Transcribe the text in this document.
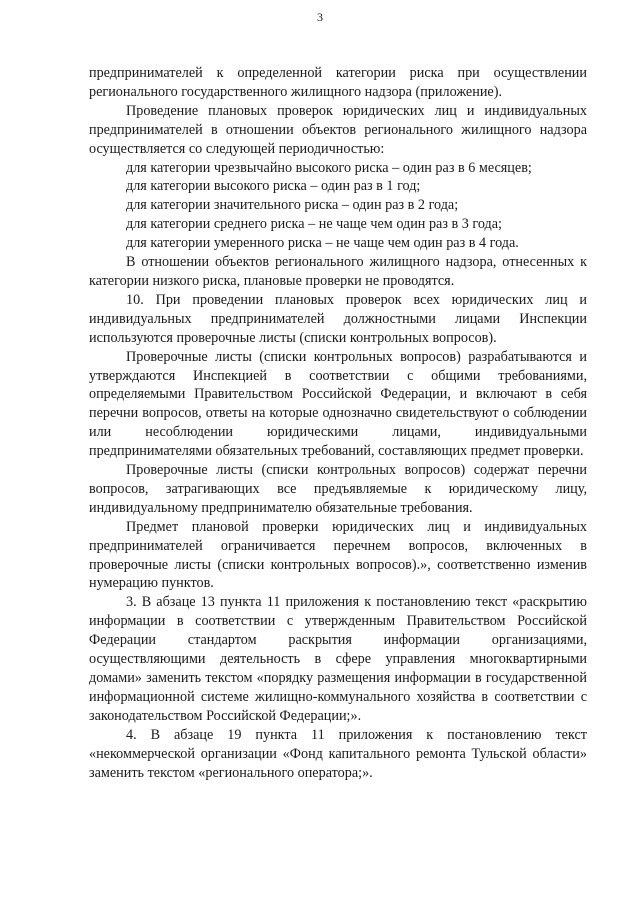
3

предпринимателей к определенной категории риска при осуществлении регионального государственного жилищного надзора (приложение).

Проведение плановых проверок юридических лиц и индивидуальных предпринимателей в отношении объектов регионального жилищного надзора осуществляется со следующей периодичностью:

для категории чрезвычайно высокого риска – один раз в 6 месяцев;

для категории высокого риска – один раз в 1 год;

для категории значительного риска – один раз в 2 года;

для категории среднего риска – не чаще чем один раз в 3 года;

для категории умеренного риска – не чаще чем один раз в 4 года.

В отношении объектов регионального жилищного надзора, отнесенных к категории низкого риска, плановые проверки не проводятся.

10. При проведении плановых проверок всех юридических лиц и индивидуальных предпринимателей должностными лицами Инспекции используются проверочные листы (списки контрольных вопросов).

Проверочные листы (списки контрольных вопросов) разрабатываются и утверждаются Инспекцией в соответствии с общими требованиями, определяемыми Правительством Российской Федерации, и включают в себя перечни вопросов, ответы на которые однозначно свидетельствуют о соблюдении или несоблюдении юридическими лицами, индивидуальными предпринимателями обязательных требований, составляющих предмет проверки.

Проверочные листы (списки контрольных вопросов) содержат перечни вопросов, затрагивающих все предъявляемые к юридическому лицу, индивидуальному предпринимателю обязательные требования.

Предмет плановой проверки юридических лиц и индивидуальных предпринимателей ограничивается перечнем вопросов, включенных в проверочные листы (списки контрольных вопросов).», соответственно изменив нумерацию пунктов.

3. В абзаце 13 пункта 11 приложения к постановлению текст «раскрытию информации в соответствии с утвержденным Правительством Российской Федерации стандартом раскрытия информации организациями, осуществляющими деятельность в сфере управления многоквартирными домами» заменить текстом «порядку размещения информации в государственной информационной системе жилищно-коммунального хозяйства в соответствии с законодательством Российской Федерации;».

4. В абзаце 19 пункта 11 приложения к постановлению текст «некоммерческой организации «Фонд капитального ремонта Тульской области» заменить текстом «регионального оператора;».
